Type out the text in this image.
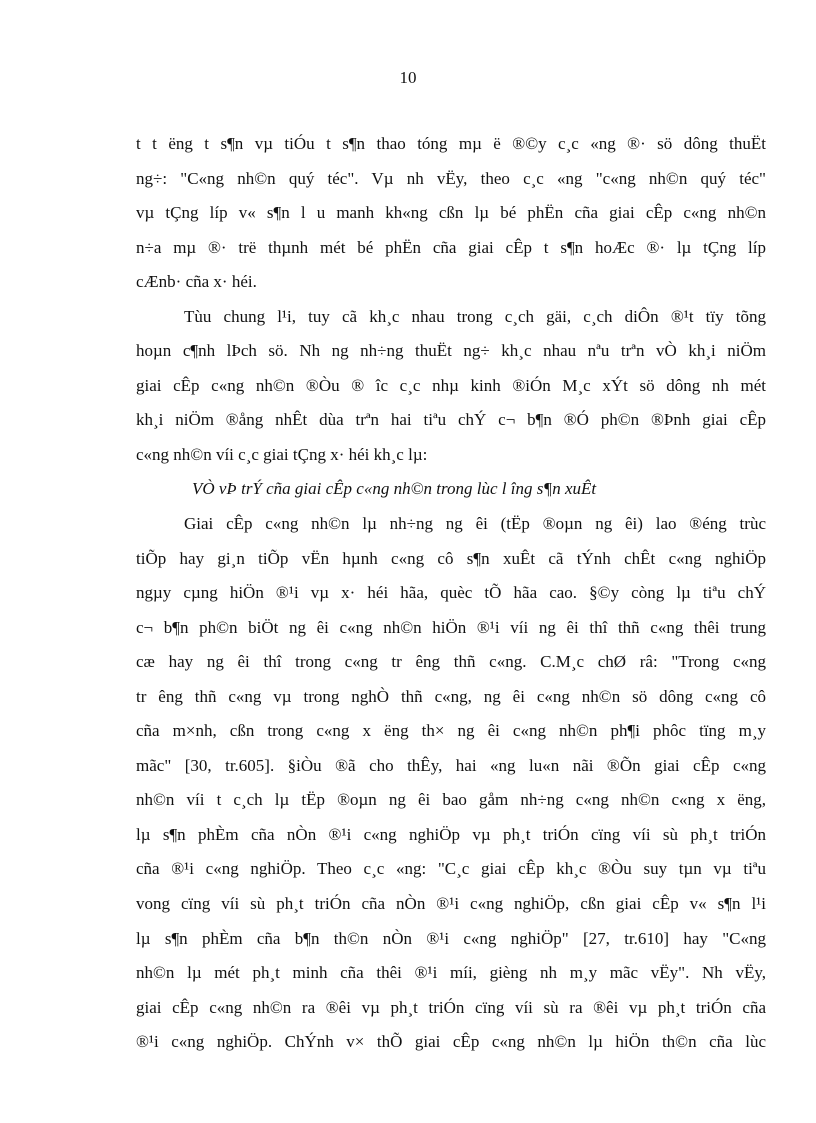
10
t t ëng t s¶n vµ tiÓu t s¶n thao tóng mµ ë ®©y c¸c «ng ®· sö dông thuËt
ng÷: "C«ng nh©n quý téc". Vµ nh vËy, theo c¸c «ng "c«ng nh©n quý téc"
vµ tÇng líp v« s¶n l u manh kh«ng cßn lµ bé phËn cña giai cÊp c«ng nh©n
n÷a mµ ®· trë thµnh mét bé phËn cña giai cÊp t s¶n hoÆc ®· lµ tÇng líp
cÆnb· cña x· héi.
Tùu chung l¹i, tuy cã kh¸c nhau trong c¸ch gäi, c¸ch diÔn ®¹t tïy tõng
hoµn c¶nh lÞch sö. Nh ng nh÷ng thuËt ng÷ kh¸c nhau nªu trªn vÒ kh¸i niÖm
giai cÊp c«ng nh©n ®Òu ® îc c¸c nhµ kinh ®iÓn M¸c xÝt sö dông nh mét
kh¸i niÖm ®ång nhÊt dùa trªn hai tiªu chÝ c¬ b¶n ®Ó ph©n ®Þnh giai cÊp
c«ng nh©n víi c¸c giai tÇng x· héi kh¸c lµ:
VÒ vÞ trÝ cña giai cÊp c«ng nh©n trong lùc l îng s¶n xuÊt
Giai cÊp c«ng nh©n lµ nh÷ng ng êi (tËp ®oµn ng êi) lao ®éng trùc
tiÕp hay gi¸n tiÕp vËn hµnh c«ng cô s¶n xuÊt cã tÝnh chÊt c«ng nghiÖp
ngµy cµng hiÖn ®¹i vµ x· héi hãa, quèc tÕ hãa cao. §©y còng lµ tiªu chÝ
c¬ b¶n ph©n biÖt ng êi c«ng nh©n hiÖn ®¹i víi ng êi thî thñ c«ng thêi trung
cæ hay ng êi thî trong c«ng tr êng thñ c«ng. C.M¸c chØ râ: "Trong c«ng
tr êng thñ c«ng vµ trong nghÒ thñ c«ng, ng êi c«ng nh©n sö dông c«ng cô
cña m×nh, cßn trong c«ng x ëng th× ng êi c«ng nh©n ph¶i phôc tïng m¸y
mãc" [30, tr.605]. §iÒu ®ã cho thÊy, hai «ng lu«n nãi ®Õn giai cÊp c«ng
nh©n víi t c¸ch lµ tËp ®oµn ng êi bao gåm nh÷ng c«ng nh©n c«ng x ëng,
lµ s¶n phÈm cña nÒn ®¹i c«ng nghiÖp vµ ph¸t triÓn cïng víi sù ph¸t triÓn
cña ®¹i c«ng nghiÖp. Theo c¸c «ng: "C¸c giai cÊp kh¸c ®Òu suy tµn vµ tiªu
vong cïng víi sù ph¸t triÓn cña nÒn ®¹i c«ng nghiÖp, cßn giai cÊp v« s¶n l¹i
lµ s¶n phÈm cña b¶n th©n nÒn ®¹i c«ng nghiÖp" [27, tr.610] hay "C«ng
nh©n lµ mét ph¸t minh cña thêi ®¹i míi, gièng nh m¸y mãc vËy". Nh vËy,
giai cÊp c«ng nh©n ra ®êi vµ ph¸t triÓn cïng víi sù ra ®êi vµ ph¸t triÓn cña
®¹i c«ng nghiÖp. ChÝnh v× thÕ giai cÊp c«ng nh©n lµ hiÖn th©n cña lùc
